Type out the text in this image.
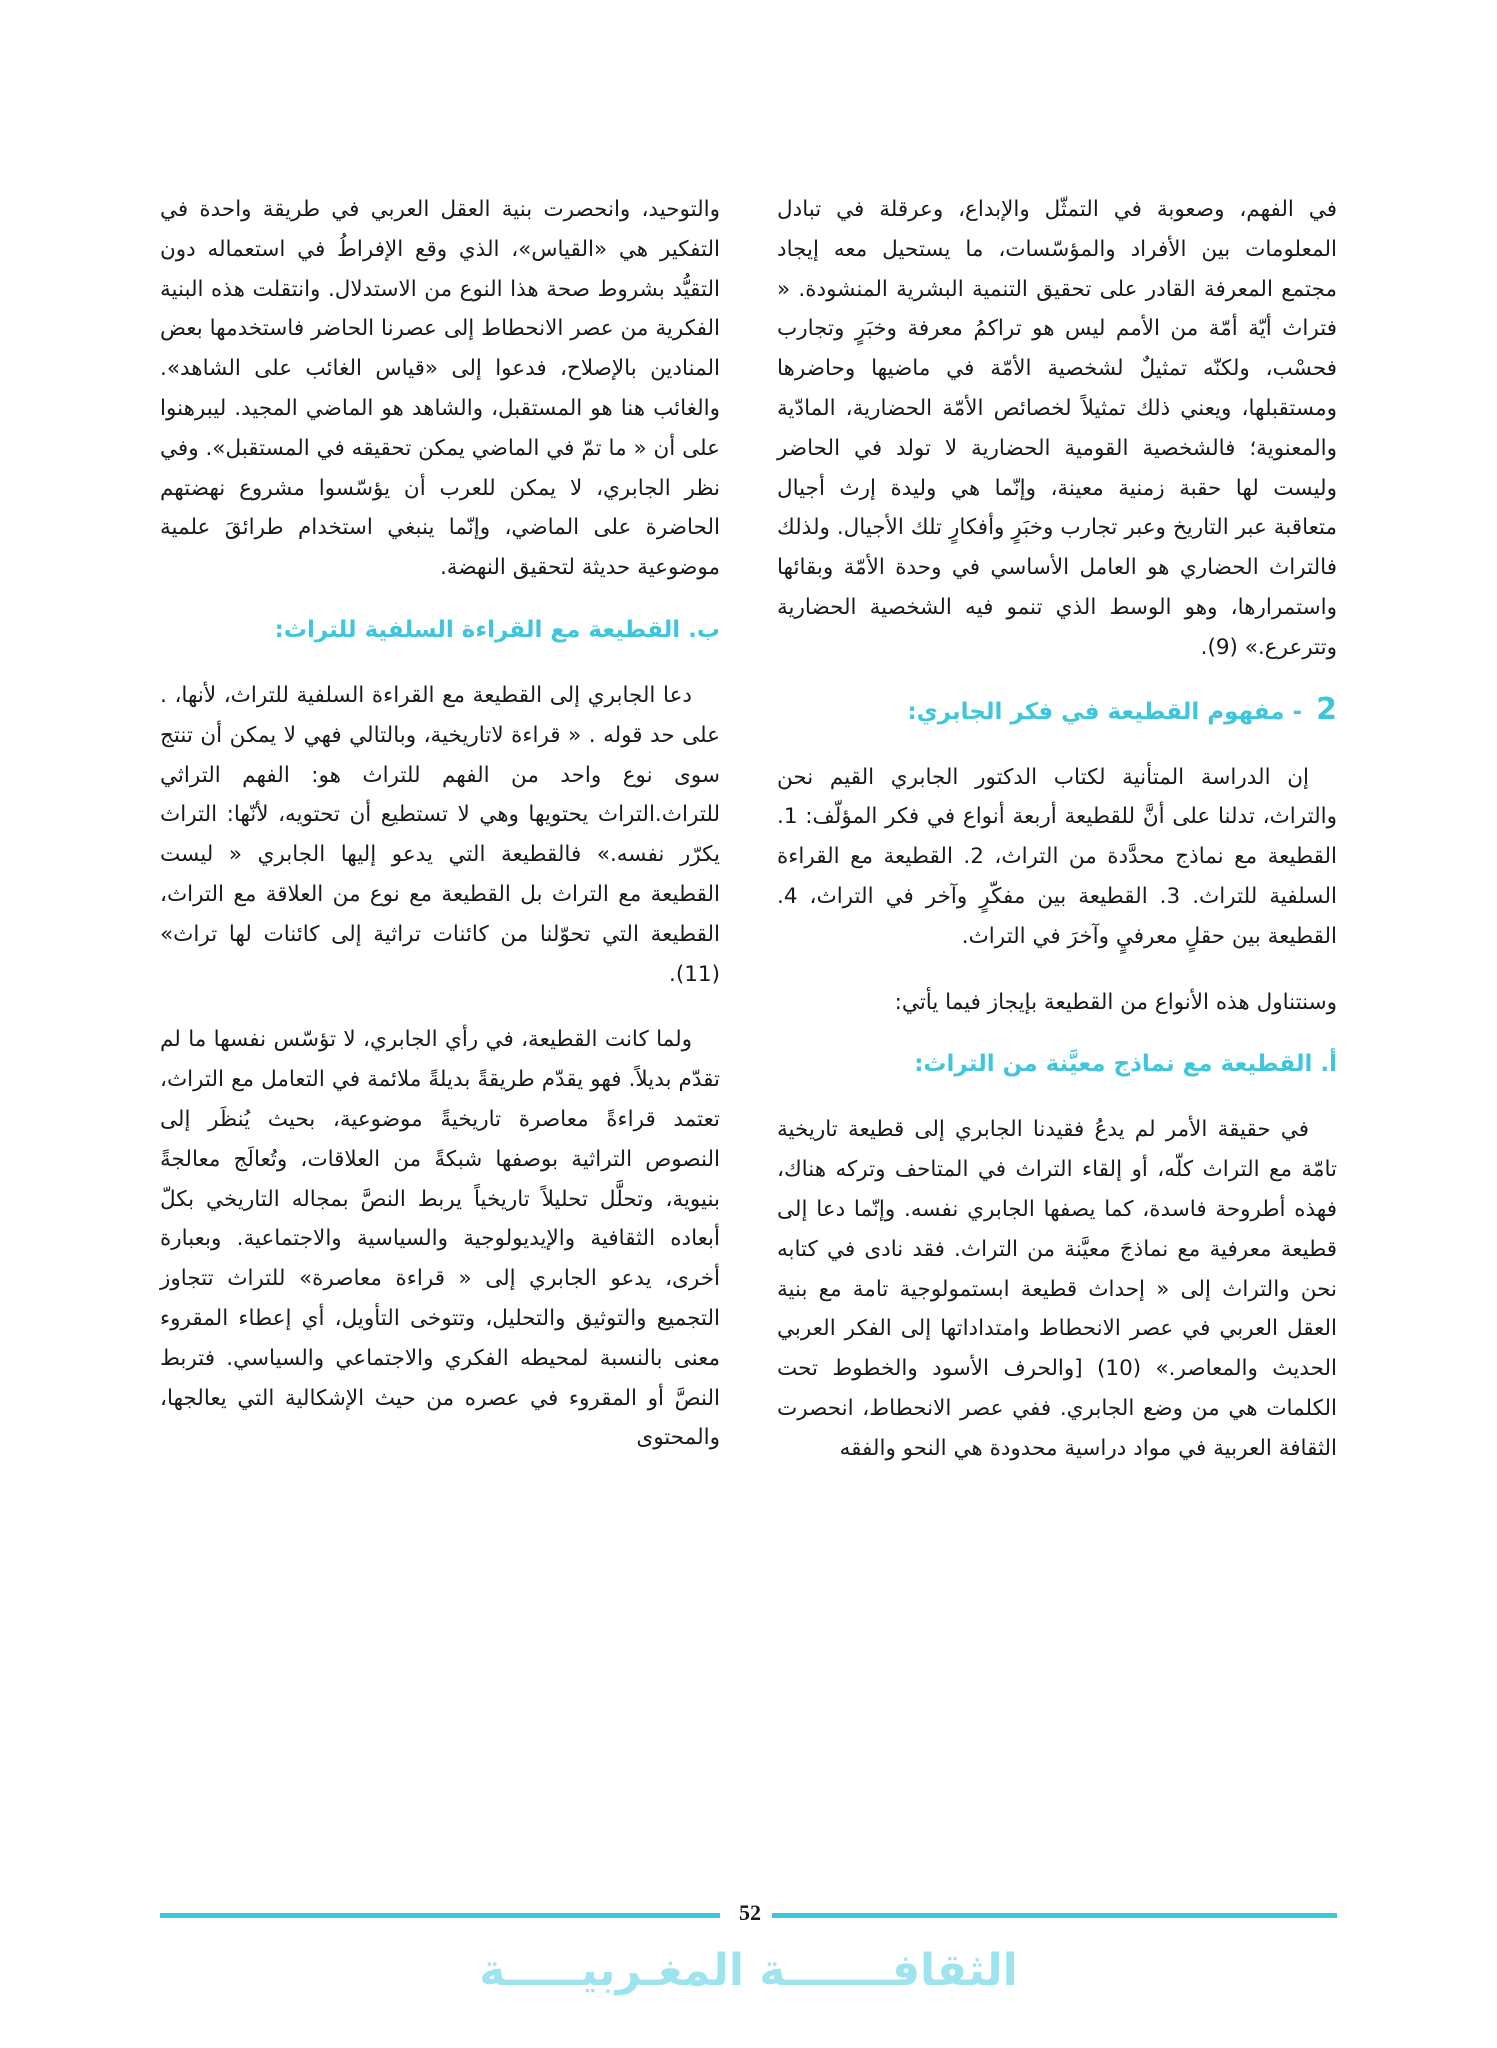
في الفهم، وصعوبة في التمثّل والإبداع، وعرقلة في تبادل المعلومات بين الأفراد والمؤسّسات، ما يستحيل معه إيجاد مجتمع المعرفة القادر على تحقيق التنمية البشرية المنشودة. « فتراث أيّة أمّة من الأمم ليس هو تراكمُ معرفة وخبَرٍ وتجارب فحسْب، ولكنّه تمثيلٌ لشخصية الأمّة في ماضيها وحاضرها ومستقبلها، ويعني ذلك تمثيلاً لخصائص الأمّة الحضارية، المادّية والمعنوية؛ فالشخصية القومية الحضارية لا تولد في الحاضر وليست لها حقبة زمنية معينة، وإنّما هي وليدة إرث أجيال متعاقبة عبر التاريخ وعبر تجارب وخبَرٍ وأفكارٍ تلك الأجيال. ولذلك فالتراث الحضاري هو العامل الأساسي في وحدة الأمّة وبقائها واستمرارها، وهو الوسط الذي تنمو فيه الشخصية الحضارية وتترعرع.» (9).

2 - مفهوم القطيعة في فكر الجابري:

إن الدراسة المتأنية لكتاب الدكتور الجابري القيم نحن والتراث، تدلنا على أنَّ للقطيعة أربعة أنواع في فكر المؤلّف: 1. القطيعة مع نماذج محدَّدة من التراث، 2. القطيعة مع القراءة السلفية للتراث. 3. القطيعة بين مفكّرٍ وآخر في التراث، 4. القطيعة بين حقلٍ معرفيٍ وآخرَ في التراث.

وسنتناول هذه الأنواع من القطيعة بإيجاز فيما يأتي:

أ. القطيعة مع نماذج معيَّنة من التراث:

في حقيقة الأمر لم يدعُ فقيدنا الجابري إلى قطيعة تاريخية تامّة مع التراث كلّه، أو إلقاء التراث في المتاحف وتركه هناك، فهذه أطروحة فاسدة، كما يصفها الجابري نفسه. وإنّما دعا إلى قطيعة معرفية مع نماذجَ معيَّنة من التراث. فقد نادى في كتابه نحن والتراث إلى « إحداث قطيعة ابستمولوجية تامة مع بنية العقل العربي في عصر الانحطاط وامتداداتها إلى الفكر العربي الحديث والمعاصر.» (10) [والحرف الأسود والخطوط تحت الكلمات هي من وضع الجابري. ففي عصر الانحطاط، انحصرت الثقافة العربية في مواد دراسية محدودة هي النحو والفقه

والتوحيد، وانحصرت بنية العقل العربي في طريقة واحدة في التفكير هي «القياس»، الذي وقع الإفراطُ في استعماله دون التقيُّد بشروط صحة هذا النوع من الاستدلال. وانتقلت هذه البنية الفكرية من عصر الانحطاط إلى عصرنا الحاضر فاستخدمها بعض المنادين بالإصلاح، فدعوا إلى «قياس الغائب على الشاهد». والغائب هنا هو المستقبل، والشاهد هو الماضي المجيد. ليبرهنوا على أن « ما تمّ في الماضي يمكن تحقيقه في المستقبل». وفي نظر الجابري، لا يمكن للعرب أن يؤسّسوا مشروع نهضتهم الحاضرة على الماضي، وإنّما ينبغي استخدام طرائقَ علمية موضوعية حديثة لتحقيق النهضة.

ب. القطيعة مع القراءة السلفية للتراث:

دعا الجابري إلى القطيعة مع القراءة السلفية للتراث، لأنها، . على حد قوله . « قراءة لاتاريخية، وبالتالي فهي لا يمكن أن تنتج سوى نوع واحد من الفهم للتراث هو: الفهم التراثي للتراث.التراث يحتويها وهي لا تستطيع أن تحتويه، لأنّها: التراث يكرّر نفسه.» فالقطيعة التي يدعو إليها الجابري « ليست القطيعة مع التراث بل القطيعة مع نوع من العلاقة مع التراث، القطيعة التي تحوّلنا من كائنات تراثية إلى كائنات لها تراث» (11).

ولما كانت القطيعة، في رأي الجابري، لا تؤسّس نفسها ما لم تقدّم بديلاً. فهو يقدّم طريقةً بديلةً ملائمة في التعامل مع التراث، تعتمد قراءةً معاصرة تاريخيةً موضوعية، بحيث يُنظَر إلى النصوص التراثية بوصفها شبكةً من العلاقات، وتُعالَج معالجةً بنيوية، وتحلَّل تحليلاً تاريخياً يربط النصَّ بمجاله التاريخي بكلّ أبعاده الثقافية والإيديولوجية والسياسية والاجتماعية. وبعبارة أخرى، يدعو الجابري إلى « قراءة معاصرة» للتراث تتجاوز التجميع والتوثيق والتحليل، وتتوخى التأويل، أي إعطاء المقروء معنى بالنسبة لمحيطه الفكري والاجتماعي والسياسي. فتربط النصَّ أو المقروء في عصره من حيث الإشكالية التي يعالجها، والمحتوى

52
الثقافـــــــة المغـربيـــــة
